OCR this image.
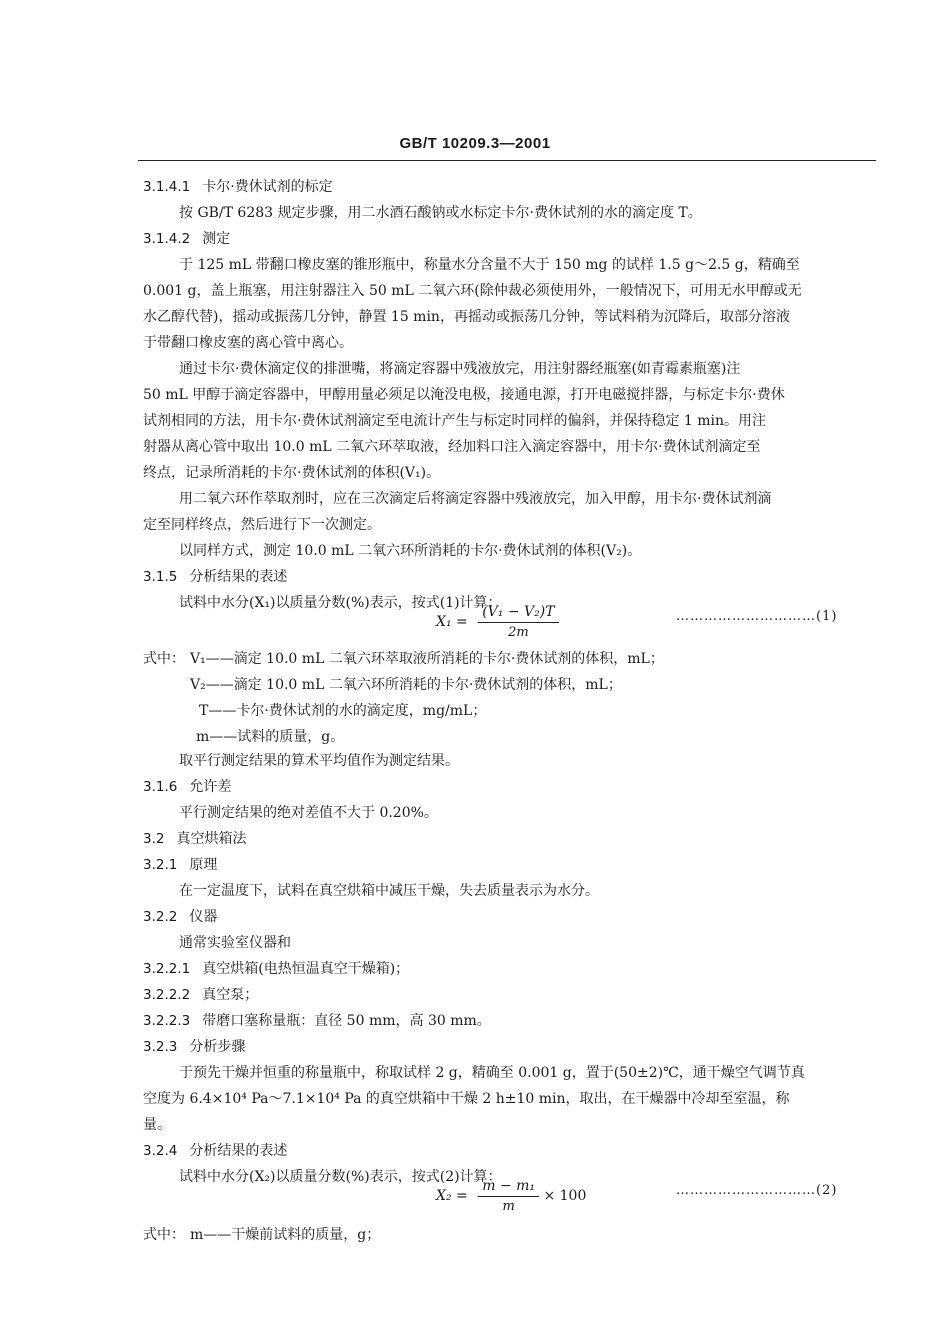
GB/T 10209.3—2001
3.1.4.1 卡尔·费休试剂的标定
按 GB/T 6283 规定步骤，用二水酒石酸钠或水标定卡尔·费休试剂的水的滴定度 T。
3.1.4.2 测定
于 125 mL 带翻口橡皮塞的锥形瓶中，称量水分含量不大于 150 mg 的试样 1.5 g～2.5 g，精确至
0.001 g，盖上瓶塞，用注射器注入 50 mL 二氧六环(除仲裁必须使用外，一般情况下，可用无水甲醇或无
水乙醇代替)，摇动或振荡几分钟，静置 15 min，再摇动或振荡几分钟，等试料稍为沉降后，取部分溶液
于带翻口橡皮塞的离心管中离心。
通过卡尔·费休滴定仪的排泄嘴，将滴定容器中残液放完，用注射器经瓶塞(如青霉素瓶塞)注
50 mL 甲醇于滴定容器中，甲醇用量必须足以淹没电极，接通电源，打开电磁搅拌器，与标定卡尔·费休
试剂相同的方法，用卡尔·费休试剂滴定至电流计产生与标定时同样的偏斜，并保持稳定 1 min。用注
射器从离心管中取出 10.0 mL 二氧六环萃取液，经加料口注入滴定容器中，用卡尔·费休试剂滴定至
终点，记录所消耗的卡尔·费休试剂的体积(V₁)。
用二氧六环作萃取剂时，应在三次滴定后将滴定容器中残液放完，加入甲醇，用卡尔·费休试剂滴
定至同样终点，然后进行下一次测定。
以同样方式，测定 10.0 mL 二氧六环所消耗的卡尔·费休试剂的体积(V₂)。
3.1.5 分析结果的表述
试料中水分(X₁)以质量分数(%)表示，按式(1)计算：
$X_1 = \frac{\text{(V₁ − V₂)T}}{2m}$	…………………………(1)
式中： V₁——滴定 10.0 mL 二氧六环萃取液所消耗的卡尔·费休试剂的体积，mL；
V₂——滴定 10.0 mL 二氧六环所消耗的卡尔·费休试剂的体积，mL；
T——卡尔·费休试剂的水的滴定度，mg/mL；
m——试料的质量，g。
取平行测定结果的算术平均值作为测定结果。
3.1.6 允许差
平行测定结果的绝对差值不大于 0.20%。
3.2 真空烘箱法
3.2.1 原理
在一定温度下，试料在真空烘箱中减压干燥，失去质量表示为水分。
3.2.2 仪器
通常实验室仪器和
3.2.2.1 真空烘箱(电热恒温真空干燥箱)；
3.2.2.2 真空泵；
3.2.2.3 带磨口塞称量瓶：直径 50 mm，高 30 mm。
3.2.3 分析步骤
于预先干燥并恒重的称量瓶中，称取试样 2 g，精确至 0.001 g，置于(50±2)℃，通干燥空气调节真
空度为 6.4×10⁴ Pa～7.1×10⁴ Pa 的真空烘箱中干燥 2 h±10 min，取出，在干燥器中冷却至室温，称
量。
3.2.4 分析结果的表述
试料中水分(X₂)以质量分数(%)表示，按式(2)计算：
$X_2 = \frac{\text{m − m₁}}{m} \times 100$	…………………………(2)
式中： m——干燥前试料的质量，g；
